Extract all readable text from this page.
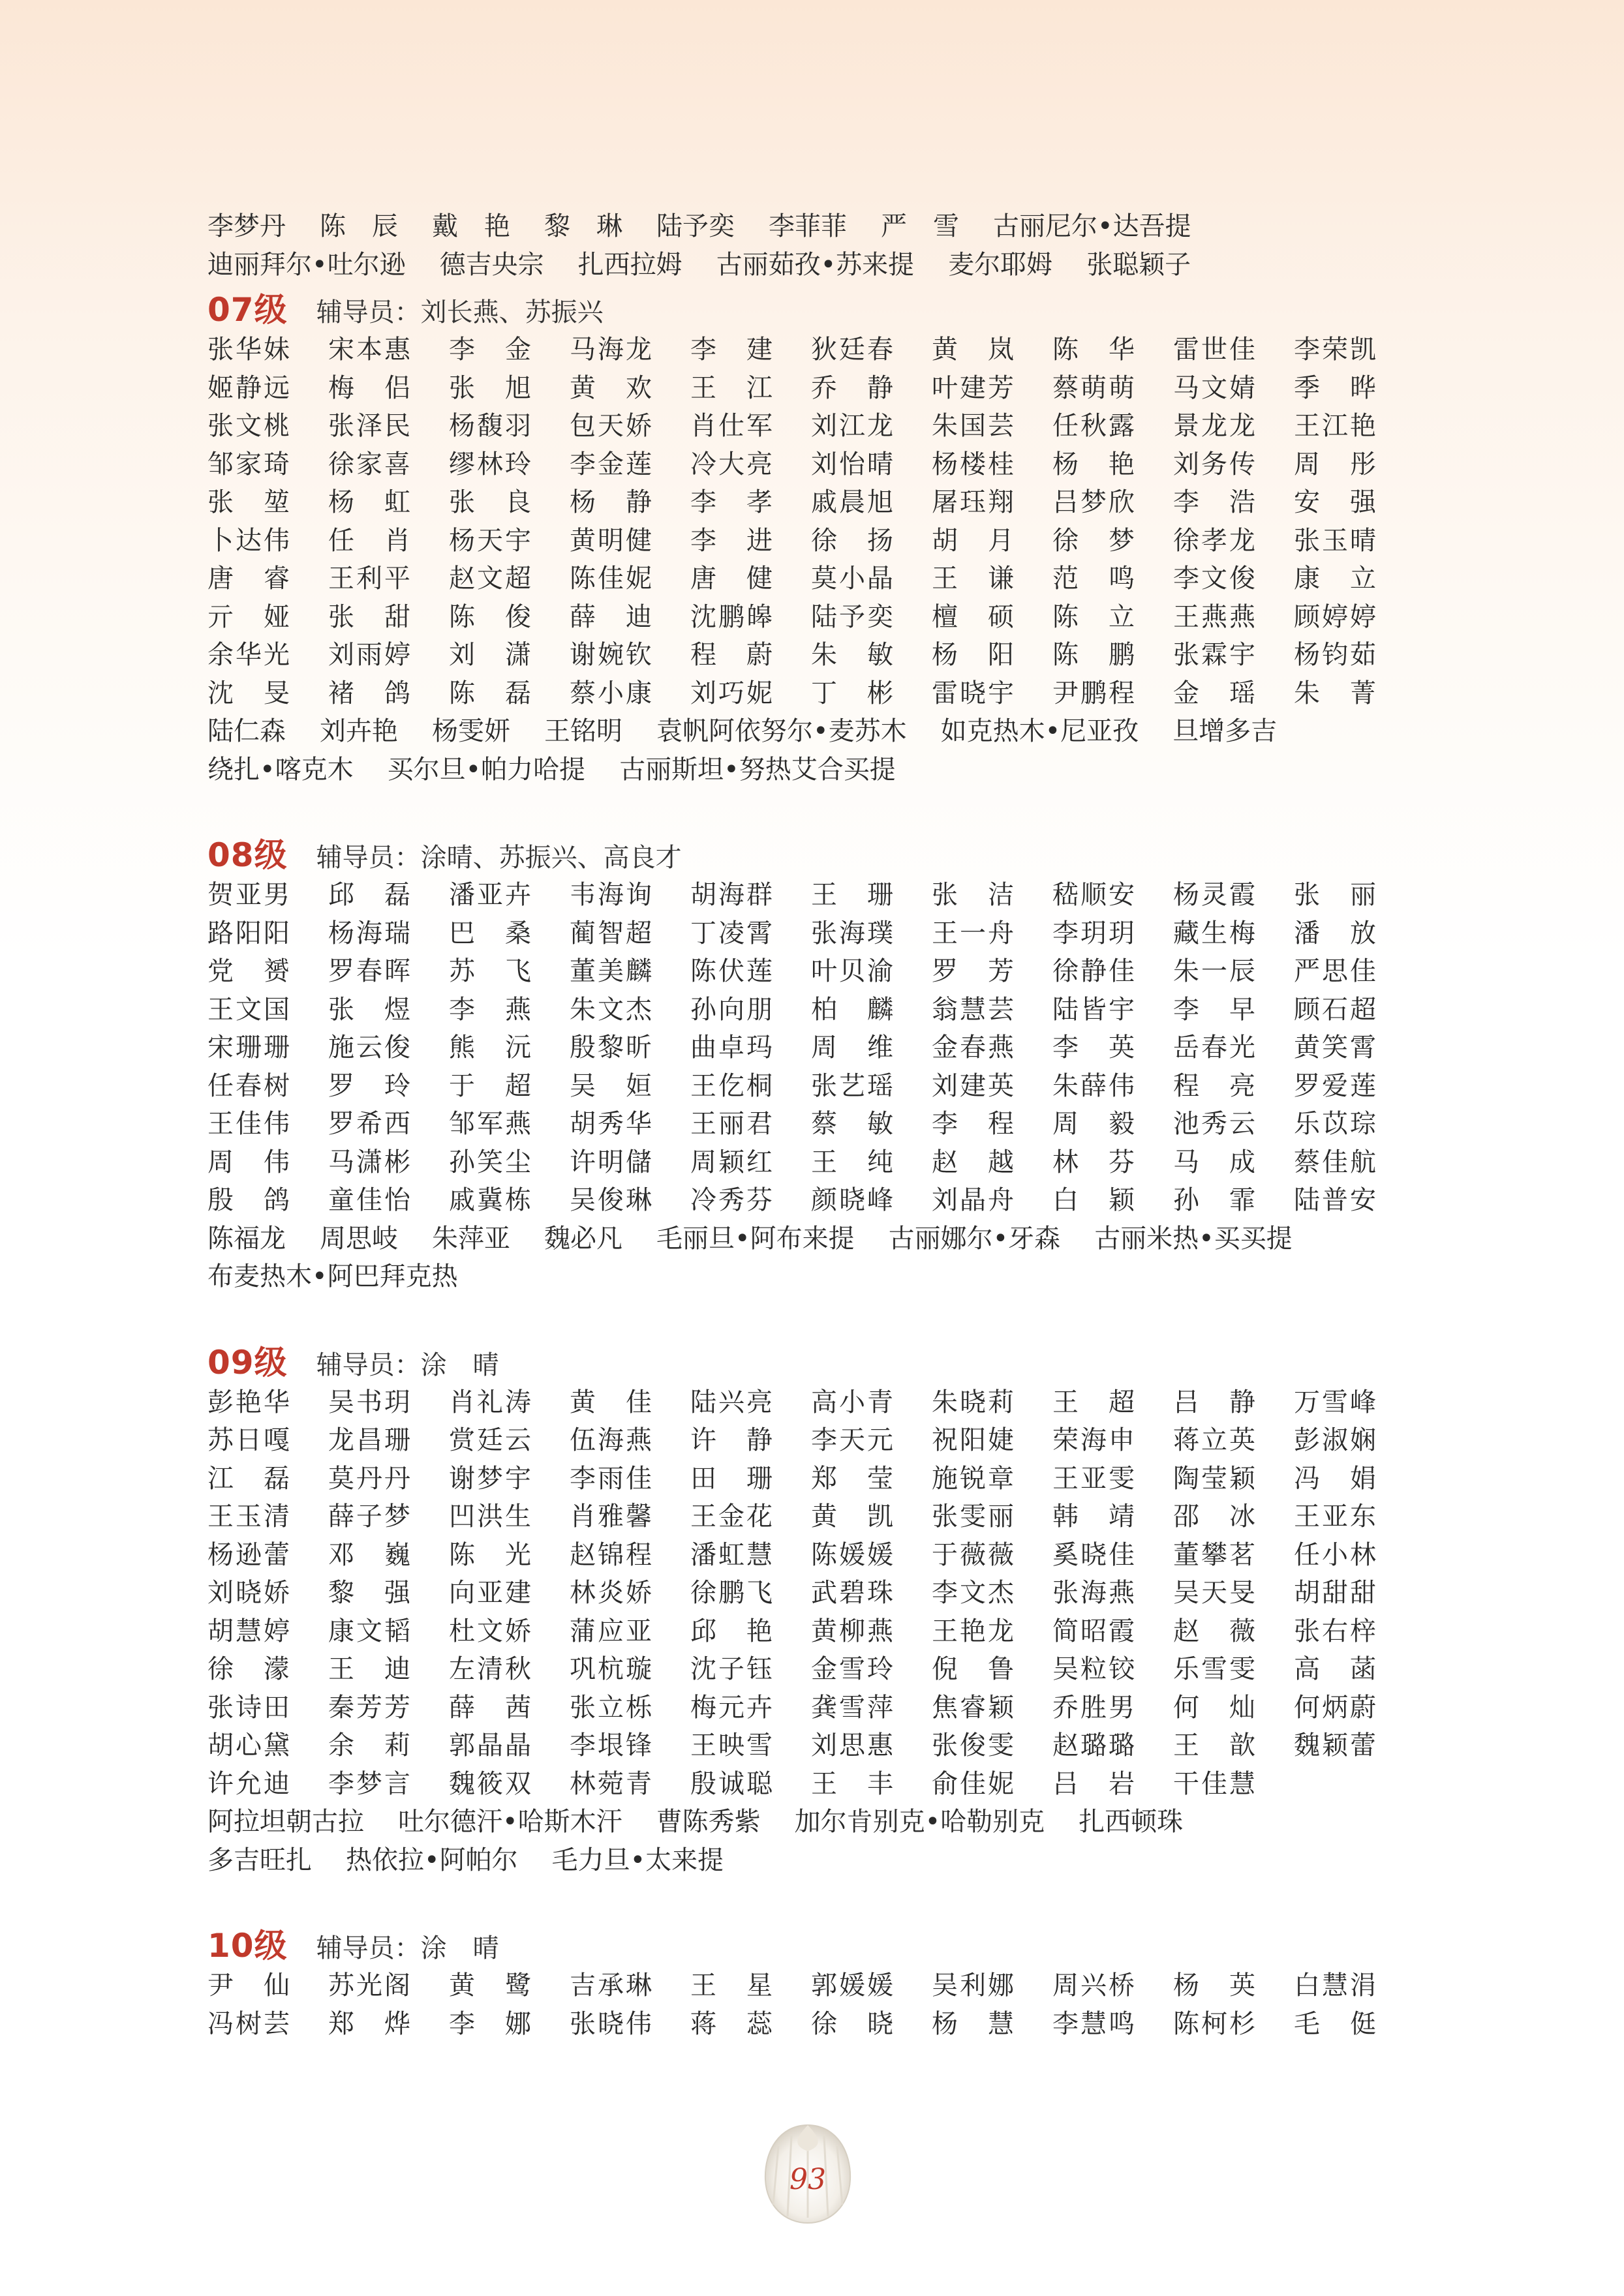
李梦丹 陈　辰 戴　艳 黎　琳 陆予奕 李菲菲 严　雪 古丽尼尔•达吾提
迪丽拜尔•吐尔逊 德吉央宗 扎西拉姆 古丽茹孜•苏来提 麦尔耶姆 张聪颖子
07级 辅导员：刘长燕、苏振兴
张华妹	宋本惠	李　金	马海龙	李　建	狄廷春	黄　岚	陈　华	雷世佳	李荣凯
姬静远	梅　侣	张　旭	黄　欢	王　江	乔　静	叶建芳	蔡萌萌	马文婧	季　晔
张文桃	张泽民	杨馥羽	包天娇	肖仕军	刘江龙	朱国芸	任秋露	景龙龙	王江艳
邹家琦	徐家喜	缪林玲	李金莲	冷大亮	刘怡晴	杨楼桂	杨　艳	刘务传	周　彤
张　堃	杨　虹	张　良	杨　静	李　孝	戚晨旭	屠珏翔	吕梦欣	李　浩	安　强
卜达伟	任　肖	杨天宇	黄明健	李　进	徐　扬	胡　月	徐　梦	徐孝龙	张玉晴
唐　睿	王利平	赵文超	陈佳妮	唐　健	莫小晶	王　谦	范　鸣	李文俊	康　立
亓　娅	张　甜	陈　俊	薛　迪	沈鹏皞	陆予奕	檀　硕	陈　立	王燕燕	顾婷婷
余华光	刘雨婷	刘　潇	谢婉钦	程　蔚	朱　敏	杨　阳	陈　鹏	张霖宇	杨钧茹
沈　旻	褚　鸽	陈　磊	蔡小康	刘巧妮	丁　彬	雷晓宇	尹鹏程	金　瑶	朱　菁
陆仁森 刘卉艳 杨雯妍 王铭明 袁帆阿依努尔•麦苏木 如克热木•尼亚孜 旦增多吉
绕扎•喀克木 买尔旦•帕力哈提 古丽斯坦•努热艾合买提
08级 辅导员：涂晴、苏振兴、高良才
贺亚男	邱　磊	潘亚卉	韦海询	胡海群	王　珊	张　洁	嵇顺安	杨灵霞	张　丽
路阳阳	杨海瑞	巴　桑	蔺智超	丁凌霄	张海璞	王一舟	李玥玥	藏生梅	潘　放
党　赟	罗春晖	苏　飞	董美麟	陈伏莲	叶贝渝	罗　芳	徐静佳	朱一辰	严思佳
王文国	张　煜	李　燕	朱文杰	孙向朋	柏　麟	翁慧芸	陆皆宇	李　早	顾石超
宋珊珊	施云俊	熊　沅	殷黎昕	曲卓玛	周　维	金春燕	李　英	岳春光	黄笑霄
任春树	罗　玲	于　超	吴　姮	王仡桐	张艺瑶	刘建英	朱薛伟	程　亮	罗爱莲
王佳伟	罗希西	邹军燕	胡秀华	王丽君	蔡　敏	李　程	周　毅	池秀云	乐苡琮
周　伟	马潇彬	孙笑尘	许明儲	周颖红	王　纯	赵　越	林　芬	马　成	蔡佳航
殷　鸽	童佳怡	戚冀栋	吴俊琳	冷秀芬	颜晓峰	刘晶舟	白　颖	孙　霏	陆普安
陈福龙 周思岐 朱萍亚 魏必凡 毛丽旦•阿布来提 古丽娜尔•牙森 古丽米热•买买提
布麦热木•阿巴拜克热
09级 辅导员：涂　晴
彭艳华	吴书玥	肖礼涛	黄　佳	陆兴亮	高小青	朱晓莉	王　超	吕　静	万雪峰
苏日嘎	龙昌珊	赏廷云	伍海燕	许　静	李天元	祝阳婕	荣海申	蒋立英	彭淑娴
江　磊	莫丹丹	谢梦宇	李雨佳	田　珊	郑　莹	施锐章	王亚雯	陶莹颖	冯　娟
王玉清	薛子梦	凹洪生	肖雅馨	王金花	黄　凯	张雯丽	韩　靖	邵　冰	王亚东
杨逊蕾	邓　巍	陈　光	赵锦程	潘虹慧	陈媛媛	于薇薇	奚晓佳	董攀茗	任小林
刘晓娇	黎　强	向亚建	林炎娇	徐鹏飞	武碧珠	李文杰	张海燕	吴天旻	胡甜甜
胡慧婷	康文韬	杜文娇	蒲应亚	邱　艳	黄柳燕	王艳龙	简昭霞	赵　薇	张右梓
徐　濛	王　迪	左清秋	巩杭璇	沈子钰	金雪玲	倪　鲁	吴粒铰	乐雪雯	高　菡
张诗田	秦芳芳	薛　茜	张立栎	梅元卉	龚雪萍	焦睿颖	乔胜男	何　灿	何炳蔚
胡心黛	余　莉	郭晶晶	李垠锋	王映雪	刘思惠	张俊雯	赵璐璐	王　歆	魏颖蕾
许允迪	李梦言	魏筱双	林菀青	殷诚聪	王　丰	俞佳妮	吕　岩	干佳慧
阿拉坦朝古拉 吐尔德汗•哈斯木汗 曹陈秀紫 加尔肯别克•哈勒别克 扎西顿珠
多吉旺扎 热依拉•阿帕尔 毛力旦•太来提
10级 辅导员：涂　晴
尹　仙	苏光阁	黄　鹭	吉承琳	王　星	郭媛媛	吴利娜	周兴桥	杨　英	白慧涓
冯树芸	郑　烨	李　娜	张晓伟	蒋　蕊	徐　晓	杨　慧	李慧鸣	陈柯杉	毛　侹
93
